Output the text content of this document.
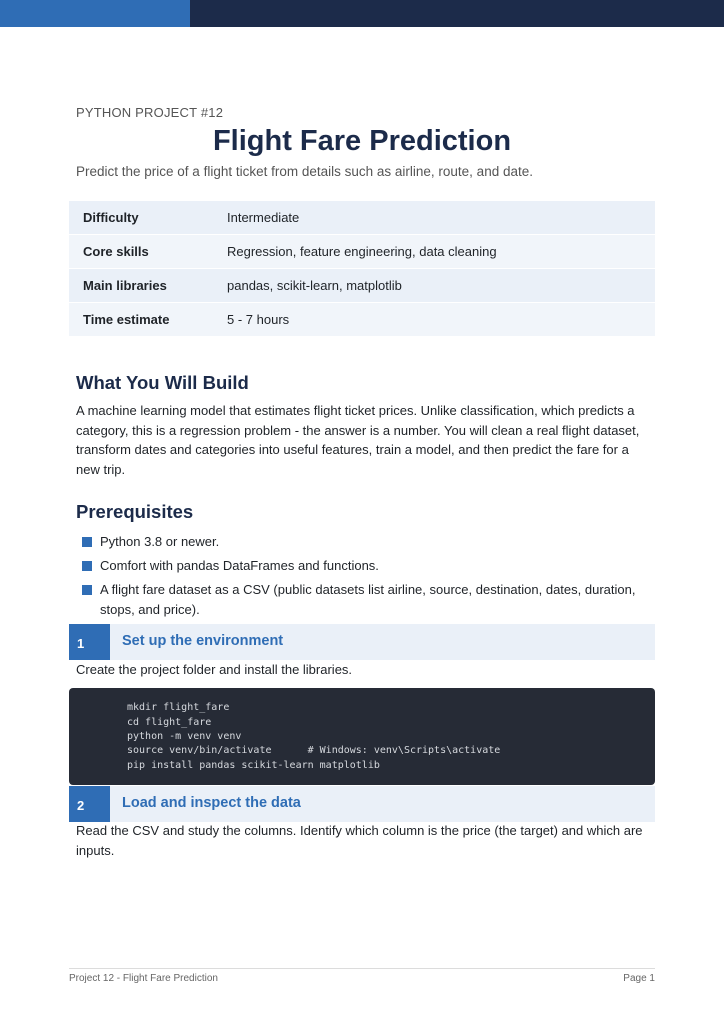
PYTHON PROJECT #12
Flight Fare Prediction
Predict the price of a flight ticket from details such as airline, route, and date.
Difficulty	Intermediate
Core skills	Regression, feature engineering, data cleaning
Main libraries	pandas, scikit-learn, matplotlib
Time estimate	5 - 7 hours
What You Will Build
A machine learning model that estimates flight ticket prices. Unlike classification, which predicts a category, this is a regression problem - the answer is a number. You will clean a real flight dataset, transform dates and categories into useful features, train a model, and then predict the fare for a new trip.
Prerequisites
Python 3.8 or newer.
Comfort with pandas DataFrames and functions.
A flight fare dataset as a CSV (public datasets list airline, source, destination, dates, duration, stops, and price).
1	Set up the environment
Create the project folder and install the libraries.
mkdir flight_fare
cd flight_fare
python -m venv venv
source venv/bin/activate      # Windows: venv\Scripts\activate
pip install pandas scikit-learn matplotlib
2	Load and inspect the data
Read the CSV and study the columns. Identify which column is the price (the target) and which are inputs.
Project 12 - Flight Fare Prediction	Page 1
